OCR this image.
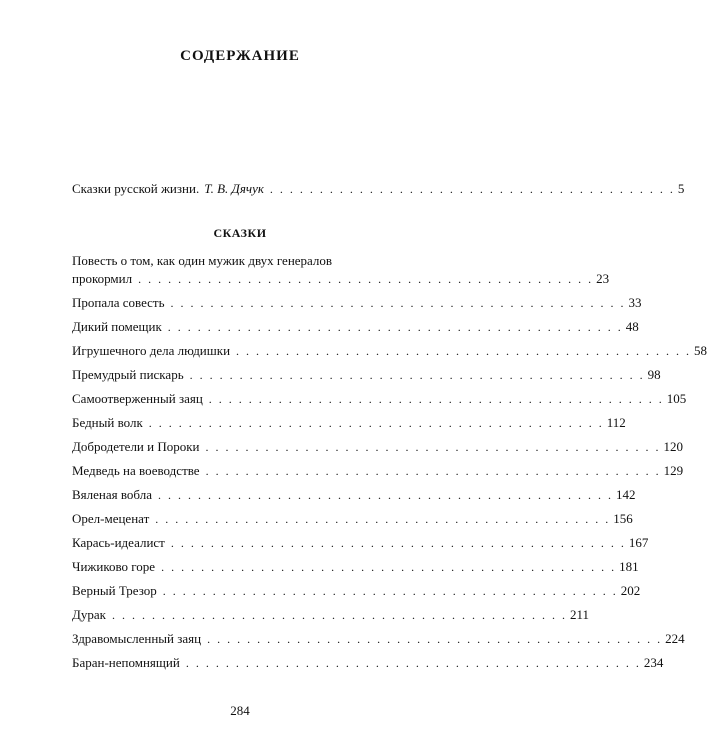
СОДЕРЖАНИЕ
Сказки русской жизни. Т. В. Дячук . . . . . . . . . . . . . . . . . . . . . . . . . . . . . . . . . . . . . . . . . 5
СКАЗКИ
Повесть о том, как один мужик двух генералов
прокормил . . . . . . . . . . . . . . . . . . . . . . . . . . . . . . . . . . . . . . . . . . . . . . 23
Пропала совесть . . . . . . . . . . . . . . . . . . . . . . . . . . . . . . . . . . . . . . . . . . . . . . 33
Дикий помещик . . . . . . . . . . . . . . . . . . . . . . . . . . . . . . . . . . . . . . . . . . . . . . 48
Игрушечного дела людишки . . . . . . . . . . . . . . . . . . . . . . . . . . . . . . . . . . . . . . . . . . . . . . 58
Премудрый пискарь . . . . . . . . . . . . . . . . . . . . . . . . . . . . . . . . . . . . . . . . . . . . . . 98
Самоотверженный заяц . . . . . . . . . . . . . . . . . . . . . . . . . . . . . . . . . . . . . . . . . . . . . . 105
Бедный волк . . . . . . . . . . . . . . . . . . . . . . . . . . . . . . . . . . . . . . . . . . . . . . 112
Добродетели и Пороки . . . . . . . . . . . . . . . . . . . . . . . . . . . . . . . . . . . . . . . . . . . . . . 120
Медведь на воеводстве . . . . . . . . . . . . . . . . . . . . . . . . . . . . . . . . . . . . . . . . . . . . . . 129
Вяленая вобла . . . . . . . . . . . . . . . . . . . . . . . . . . . . . . . . . . . . . . . . . . . . . . 142
Орел-меценат . . . . . . . . . . . . . . . . . . . . . . . . . . . . . . . . . . . . . . . . . . . . . . 156
Карась-идеалист . . . . . . . . . . . . . . . . . . . . . . . . . . . . . . . . . . . . . . . . . . . . . . 167
Чижиково горе . . . . . . . . . . . . . . . . . . . . . . . . . . . . . . . . . . . . . . . . . . . . . . 181
Верный Трезор . . . . . . . . . . . . . . . . . . . . . . . . . . . . . . . . . . . . . . . . . . . . . . 202
Дурак . . . . . . . . . . . . . . . . . . . . . . . . . . . . . . . . . . . . . . . . . . . . . . 211
Здравомысленный заяц . . . . . . . . . . . . . . . . . . . . . . . . . . . . . . . . . . . . . . . . . . . . . . 224
Баран-непомнящий . . . . . . . . . . . . . . . . . . . . . . . . . . . . . . . . . . . . . . . . . . . . . . 234
284
